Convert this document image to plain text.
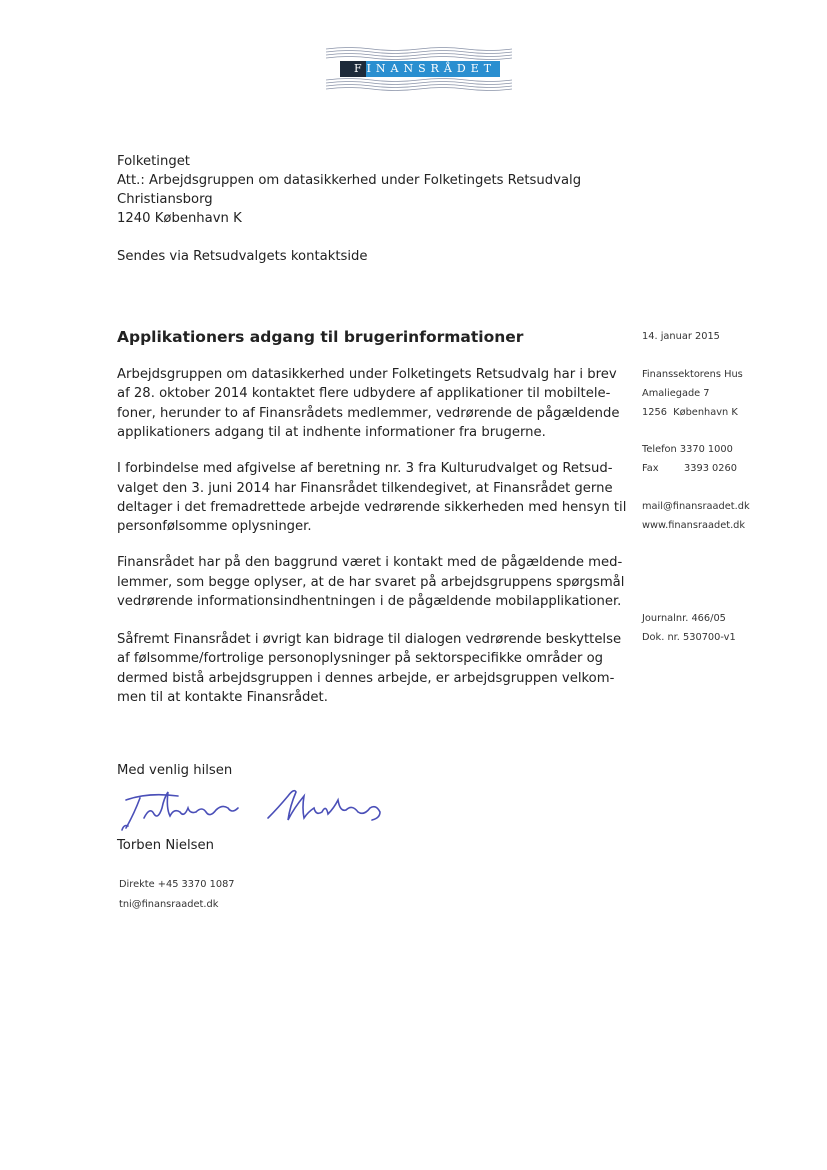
FINANSRÅDET
Folketinget
Att.: Arbejdsgruppen om datasikkerhed under Folketingets Retsudvalg
Christiansborg
1240 København K
Sendes via Retsudvalgets kontaktside
Applikationers adgang til brugerinformationer
Arbejdsgruppen om datasikkerhed under Folketingets Retsudvalg har i brev
af 28. oktober 2014 kontaktet flere udbydere af applikationer til mobiltele-
foner, herunder to af Finansrådets medlemmer, vedrørende de pågældende
applikationers adgang til at indhente informationer fra brugerne.
I forbindelse med afgivelse af beretning nr. 3 fra Kulturudvalget og Retsud-
valget den 3. juni 2014 har Finansrådet tilkendegivet, at Finansrådet gerne
deltager i det fremadrettede arbejde vedrørende sikkerheden med hensyn til
personfølsomme oplysninger.
Finansrådet har på den baggrund været i kontakt med de pågældende med-
lemmer, som begge oplyser, at de har svaret på arbejdsgruppens spørgsmål
vedrørende informationsindhentningen i de pågældende mobilapplikationer.
Såfremt Finansrådet i øvrigt kan bidrage til dialogen vedrørende beskyttelse
af følsomme/fortrolige personoplysninger på sektorspecifikke områder og
dermed bistå arbejdsgruppen i dennes arbejde, er arbejdsgruppen velkom-
men til at kontakte Finansrådet.
Med venlig hilsen
Torben Nielsen
Direkte +45 3370 1087
tni@finansraadet.dk
14. januar 2015
Finanssektorens Hus
Amaliegade 7
1256  København K
Telefon 3370 1000
Fax	3393 0260
mail@finansraadet.dk
www.finansraadet.dk
Journalnr. 466/05
Dok. nr. 530700-v1
